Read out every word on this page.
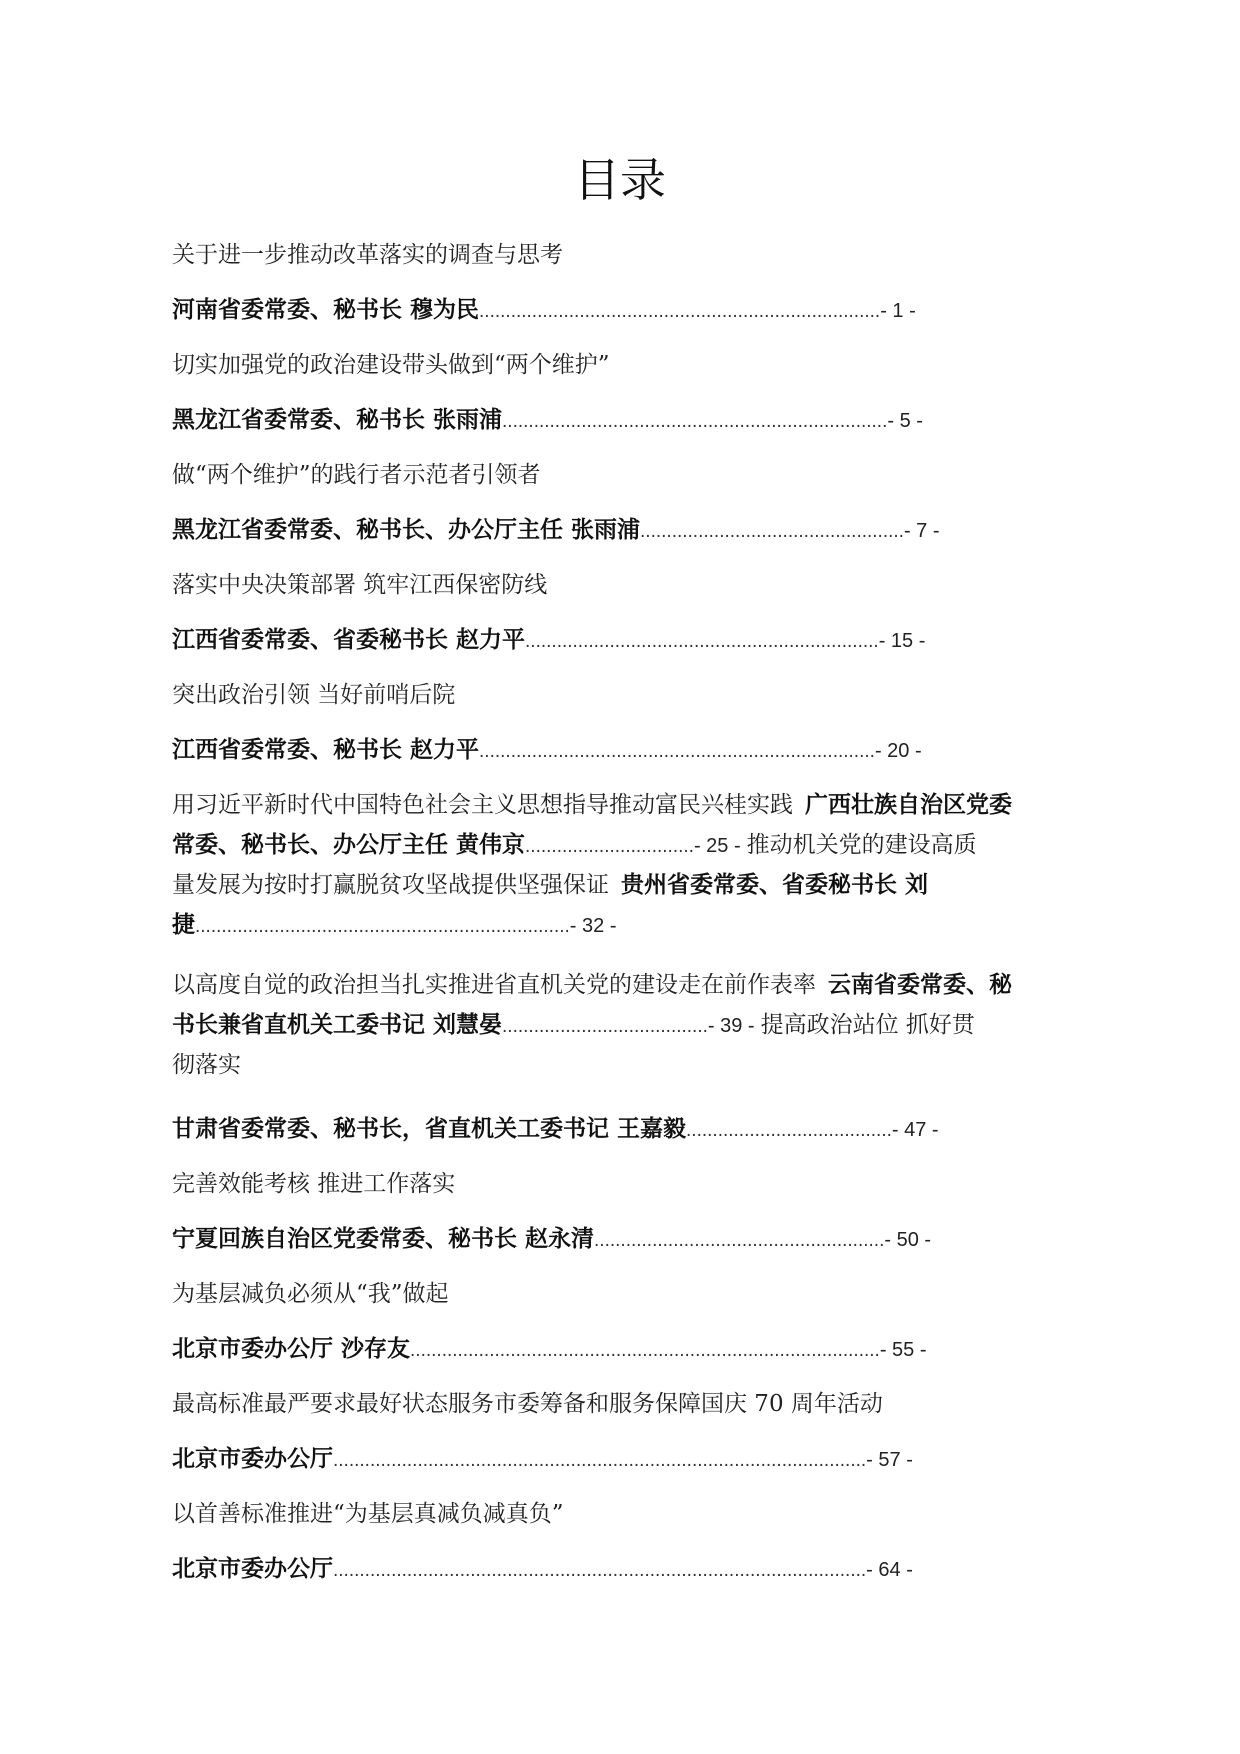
目录
关于进一步推动改革落实的调查与思考
河南省委常委、秘书长 穆为民............................................................................- 1 -
切实加强党的政治建设带头做到“两个维护”
黑龙江省委常委、秘书长 张雨浦.........................................................................- 5 -
做“两个维护”的践行者示范者引领者
黑龙江省委常委、秘书长、办公厅主任 张雨浦..................................................- 7 -
落实中央决策部署 筑牢江西保密防线
江西省委常委、省委秘书长 赵力平...................................................................- 15 -
突出政治引领 当好前哨后院
江西省委常委、秘书长 赵力平...........................................................................- 20 -
用习近平新时代中国特色社会主义思想指导推动富民兴桂实践 广西壮族自治区党委
常委、秘书长、办公厅主任 黄伟京................................- 25 - 推动机关党的建设高质
量发展为按时打赢脱贫攻坚战提供坚强保证 贵州省委常委、省委秘书长 刘
捷.......................................................................- 32 -
以高度自觉的政治担当扎实推进省直机关党的建设走在前作表率 云南省委常委、秘
书长兼省直机关工委书记 刘慧晏.......................................- 39 - 提高政治站位 抓好贯
彻落实
甘肃省委常委、秘书长，省直机关工委书记 王嘉毅.......................................- 47 -
完善效能考核 推进工作落实
宁夏回族自治区党委常委、秘书长 赵永清.......................................................- 50 -
为基层减负必须从“我”做起
北京市委办公厅 沙存友.........................................................................................- 55 -
最高标准最严要求最好状态服务市委筹备和服务保障国庆 70 周年活动
北京市委办公厅.....................................................................................................- 57 -
以首善标准推进“为基层真减负减真负”
北京市委办公厅.....................................................................................................- 64 -
